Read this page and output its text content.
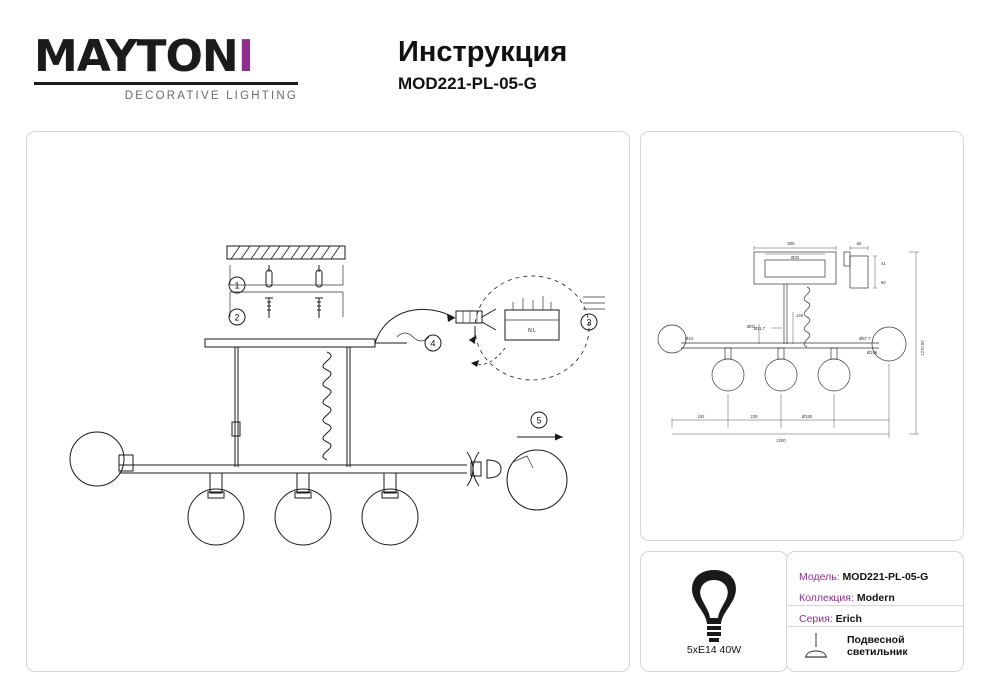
MAYTONI
DECORATIVE LIGHTING
Инструкция
MOD221-PL-05-G
1
2
4
N L
3
5
500
Ø30
60
41
60
Ø11.7
145
Ø02
Ø34	Ø67.7
Ø106
182	230	Ø150
1200
1270.92
5xE14 40W
Модель: MOD221-PL-05-G
Коллекция: Modern
Серия: Erich
Подвесной светильник
